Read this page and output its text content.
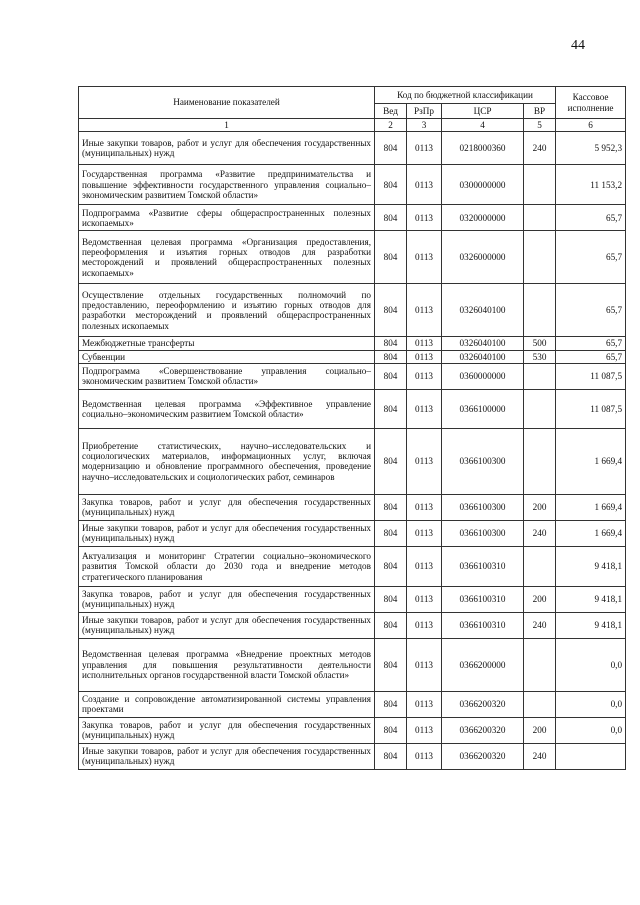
44
Наименование показателей	Код по бюджетной классификации				Кассовое исполнение
	Вед	РзПр	ЦСР	ВР	
1	2	3	4	5	6
Иные закупки товаров, работ и услуг для обеспечения государственных (муниципальных) нужд	804	0113	0218000360	240	5 952,3
Государственная программа «Развитие предпринимательства и повышение эффективности государственного управления социально–экономическим развитием Томской области»	804	0113	0300000000		11 153,2
Подпрограмма «Развитие сферы общераспространенных полезных ископаемых»	804	0113	0320000000		65,7
Ведомственная целевая программа «Организация предоставления, переоформления и изъятия горных отводов для разработки месторождений и проявлений общераспространенных полезных ископаемых»	804	0113	0326000000		65,7
Осуществление отдельных государственных полномочий по предоставлению, переоформлению и изъятию горных отводов для разработки месторождений и проявлений общераспространенных полезных ископаемых	804	0113	0326040100		65,7
Межбюджетные трансферты	804	0113	0326040100	500	65,7
Субвенции	804	0113	0326040100	530	65,7
Подпрограмма «Совершенствование управления социально–экономическим развитием Томской области»	804	0113	0360000000		11 087,5
Ведомственная целевая программа «Эффективное управление социально–экономическим развитием Томской области»	804	0113	0366100000		11 087,5
Приобретение статистических, научно–исследовательских и социологических материалов, информационных услуг, включая модернизацию и обновление программного обеспечения, проведение научно–исследовательских и социологических работ, семинаров	804	0113	0366100300		1 669,4
Закупка товаров, работ и услуг для обеспечения государственных (муниципальных) нужд	804	0113	0366100300	200	1 669,4
Иные закупки товаров, работ и услуг для обеспечения государственных (муниципальных) нужд	804	0113	0366100300	240	1 669,4
Актуализация и мониторинг Стратегии социально–экономического развития Томской области до 2030 года и внедрение методов стратегического планирования	804	0113	0366100310		9 418,1
Закупка товаров, работ и услуг для обеспечения государственных (муниципальных) нужд	804	0113	0366100310	200	9 418,1
Иные закупки товаров, работ и услуг для обеспечения государственных (муниципальных) нужд	804	0113	0366100310	240	9 418,1
Ведомственная целевая программа «Внедрение проектных методов управления для повышения результативности деятельности исполнительных органов государственной власти Томской области»	804	0113	0366200000		0,0
Создание и сопровождение автоматизированной системы управления проектами	804	0113	0366200320		0,0
Закупка товаров, работ и услуг для обеспечения государственных (муниципальных) нужд	804	0113	0366200320	200	0,0
Иные закупки товаров, работ и услуг для обеспечения государственных (муниципальных) нужд	804	0113	0366200320	240	
